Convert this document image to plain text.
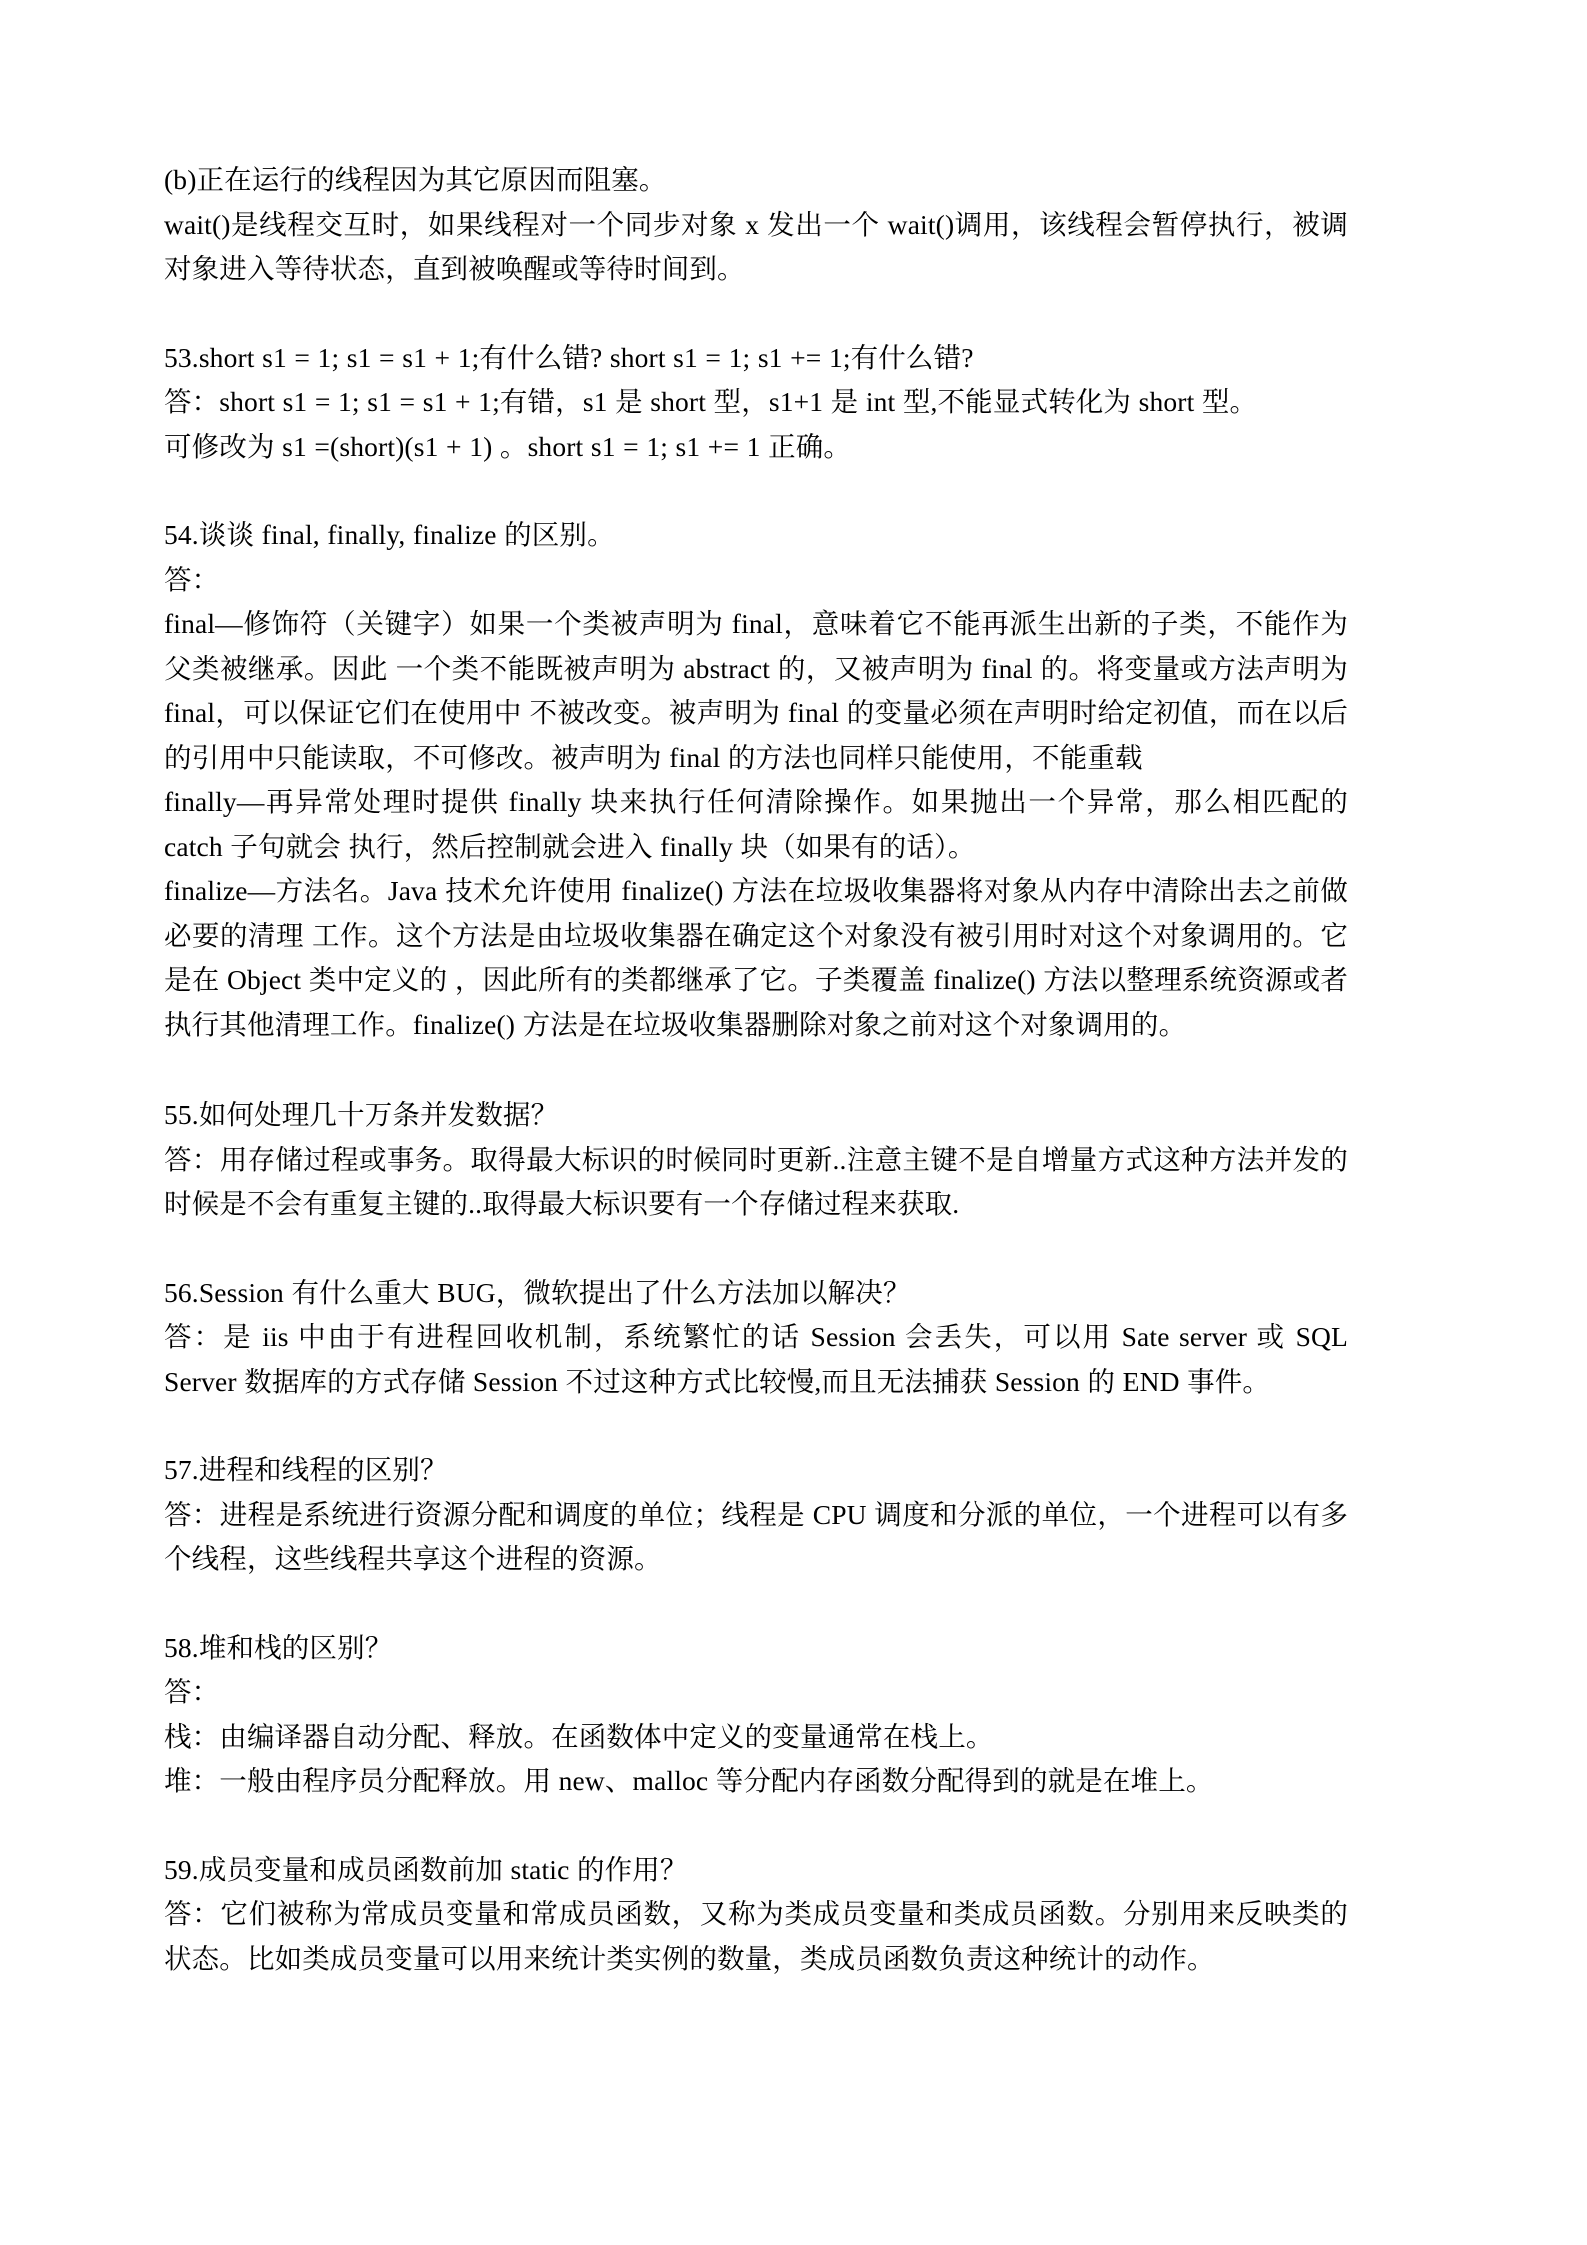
(b)正在运行的线程因为其它原因而阻塞。

wait()是线程交互时，如果线程对一个同步对象 x 发出一个 wait()调用，该线程会暂停执行，被调对象进入等待状态，直到被唤醒或等待时间到。

53.short s1 = 1; s1 = s1 + 1;有什么错? short s1 = 1; s1 += 1;有什么错?

答：short s1 = 1; s1 = s1 + 1;有错，s1 是 short 型，s1+1 是 int 型,不能显式转化为 short 型。

可修改为 s1 =(short)(s1 + 1) 。short s1 = 1; s1 += 1 正确。

54.谈谈 final, finally, finalize 的区别。

答：

final—修饰符（关键字）如果一个类被声明为 final，意味着它不能再派生出新的子类，不能作为父类被继承。因此 一个类不能既被声明为 abstract 的，又被声明为 final 的。将变量或方法声明为 final，可以保证它们在使用中 不被改变。被声明为 final 的变量必须在声明时给定初值，而在以后的引用中只能读取，不可修改。被声明为 final 的方法也同样只能使用，不能重载

finally—再异常处理时提供 finally 块来执行任何清除操作。如果抛出一个异常，那么相匹配的 catch 子句就会 执行，然后控制就会进入 finally 块（如果有的话）。

finalize—方法名。Java 技术允许使用 finalize() 方法在垃圾收集器将对象从内存中清除出去之前做必要的清理 工作。这个方法是由垃圾收集器在确定这个对象没有被引用时对这个对象调用的。它是在 Object 类中定义的 ，因此所有的类都继承了它。子类覆盖 finalize() 方法以整理系统资源或者执行其他清理工作。finalize() 方法是在垃圾收集器删除对象之前对这个对象调用的。

55.如何处理几十万条并发数据？

答：用存储过程或事务。取得最大标识的时候同时更新..注意主键不是自增量方式这种方法并发的时候是不会有重复主键的..取得最大标识要有一个存储过程来获取.

56.Session 有什么重大 BUG，微软提出了什么方法加以解决？

答：是 iis 中由于有进程回收机制，系统繁忙的话 Session 会丢失，可以用 Sate server 或 SQL Server 数据库的方式存储 Session 不过这种方式比较慢,而且无法捕获 Session 的 END 事件。

57.进程和线程的区别？

答：进程是系统进行资源分配和调度的单位；线程是 CPU 调度和分派的单位，一个进程可以有多个线程，这些线程共享这个进程的资源。

58.堆和栈的区别？

答：

栈：由编译器自动分配、释放。在函数体中定义的变量通常在栈上。

堆：一般由程序员分配释放。用 new、malloc 等分配内存函数分配得到的就是在堆上。

59.成员变量和成员函数前加 static 的作用？

答：它们被称为常成员变量和常成员函数，又称为类成员变量和类成员函数。分别用来反映类的状态。比如类成员变量可以用来统计类实例的数量，类成员函数负责这种统计的动作。
